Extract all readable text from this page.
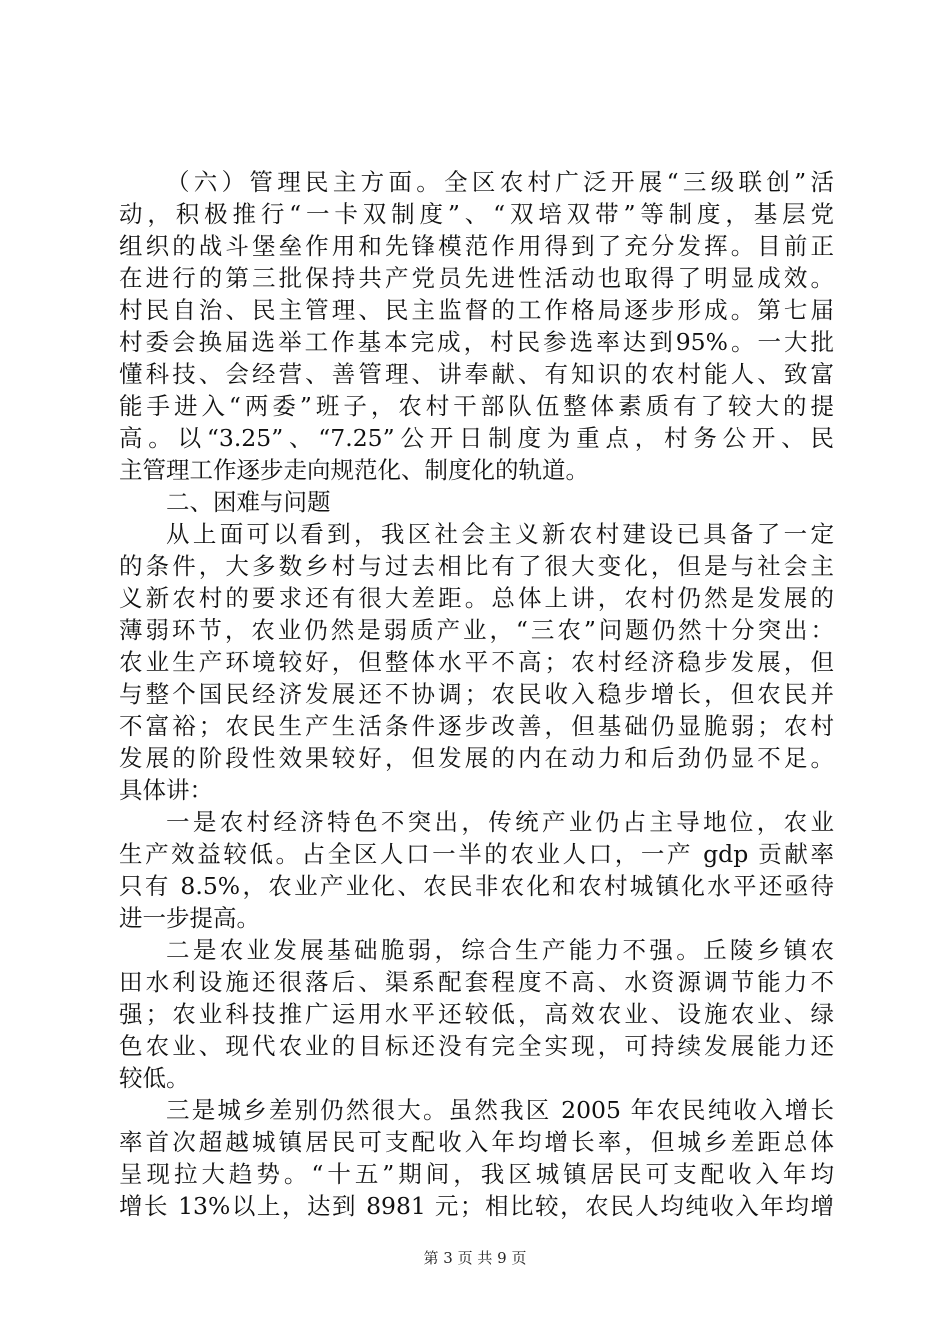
（六）管理民主方面。全区农村广泛开展“三级联创”活
动，积极推行“一卡双制度”、“双培双带”等制度，基层党
组织的战斗堡垒作用和先锋模范作用得到了充分发挥。目前正
在进行的第三批保持共产党员先进性活动也取得了明显成效。
村民自治、民主管理、民主监督的工作格局逐步形成。第七届
村委会换届选举工作基本完成，村民参选率达到95%。一大批
懂科技、会经营、善管理、讲奉献、有知识的农村能人、致富
能手进入“两委”班子，农村干部队伍整体素质有了较大的提
高。以“3.25”、“7.25”公开日制度为重点，村务公开、民
主管理工作逐步走向规范化、制度化的轨道。
二、困难与问题
从上面可以看到，我区社会主义新农村建设已具备了一定
的条件，大多数乡村与过去相比有了很大变化，但是与社会主
义新农村的要求还有很大差距。总体上讲，农村仍然是发展的
薄弱环节，农业仍然是弱质产业，“三农”问题仍然十分突出：
农业生产环境较好，但整体水平不高；农村经济稳步发展，但
与整个国民经济发展还不协调；农民收入稳步增长，但农民并
不富裕；农民生产生活条件逐步改善，但基础仍显脆弱；农村
发展的阶段性效果较好，但发展的内在动力和后劲仍显不足。
具体讲：
一是农村经济特色不突出，传统产业仍占主导地位，农业
生产效益较低。占全区人口一半的农业人口，一产 gdp 贡献率
只有 8.5%，农业产业化、农民非农化和农村城镇化水平还亟待
进一步提高。
二是农业发展基础脆弱，综合生产能力不强。丘陵乡镇农
田水利设施还很落后、渠系配套程度不高、水资源调节能力不
强；农业科技推广运用水平还较低，高效农业、设施农业、绿
色农业、现代农业的目标还没有完全实现，可持续发展能力还
较低。
三是城乡差别仍然很大。虽然我区 2005 年农民纯收入增长
率首次超越城镇居民可支配收入年均增长率，但城乡差距总体
呈现拉大趋势。“十五”期间，我区城镇居民可支配收入年均
增长 13%以上，达到 8981 元；相比较，农民人均纯收入年均增
第 3 页 共 9 页
